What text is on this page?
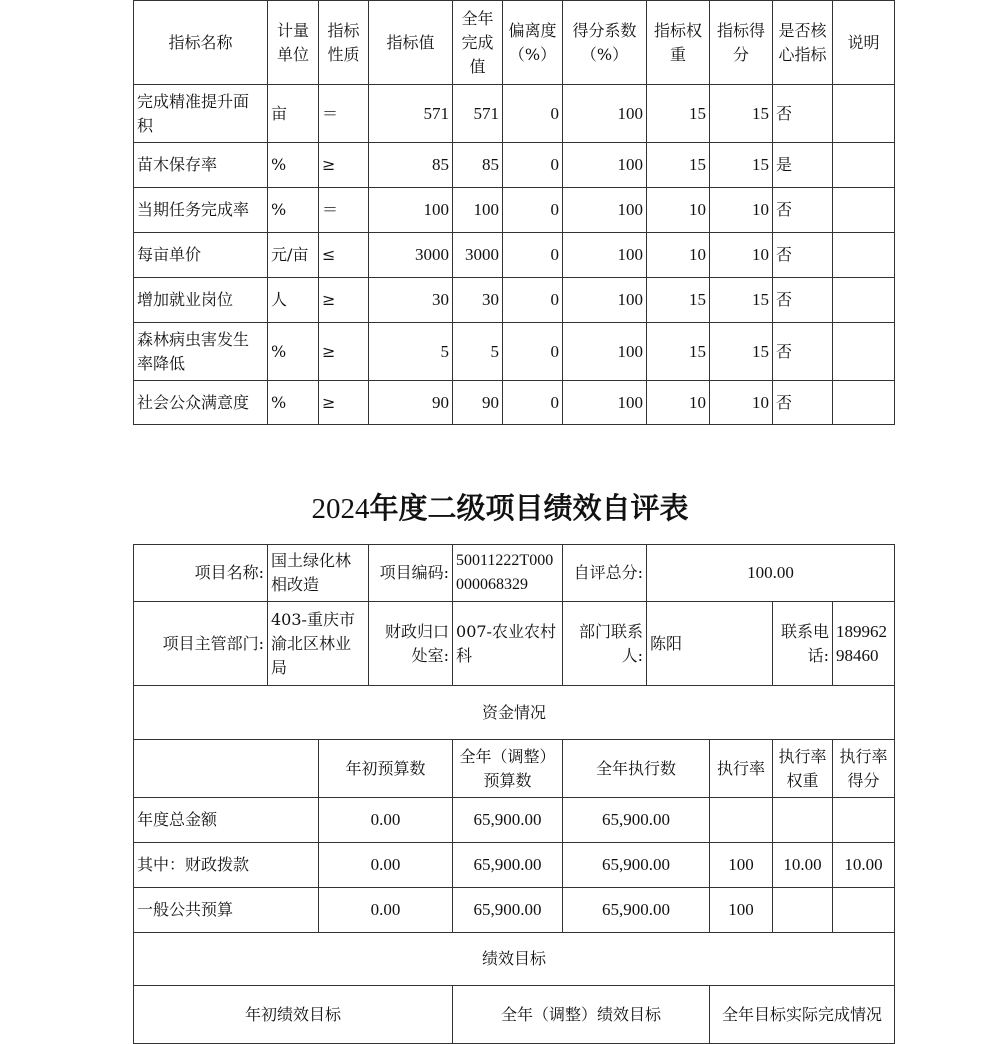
指标名称	计量单位	指标性质	指标值	全年完成值	偏离度（%）	得分系数（%）	指标权重	指标得分	是否核心指标	说明
完成精准提升面积	亩	＝	571	571	0	100	15	15	否	
苗木保存率	%	≥	85	85	0	100	15	15	是	
当期任务完成率	%	＝	100	100	0	100	10	10	否	
每亩单价	元/亩	≤	3000	3000	0	100	10	10	否	
增加就业岗位	人	≥	30	30	0	100	15	15	否	
森林病虫害发生率降低	%	≥	5	5	0	100	15	15	否	
社会公众满意度	%	≥	90	90	0	100	10	10	否	
2024年度二级项目绩效自评表
项目名称:	国土绿化林相改造		项目编码:	50011222T000000068329	自评总分:	100.00			
项目主管部门:	403-重庆市渝北区林业局		财政归口处室:	007-农业农村科	部门联系人:	陈阳		联系电话:	18996298460
资金情况									
		年初预算数		全年（调整）预算数	全年执行数		执行率	执行率权重	执行率得分
年度总金额		0.00		65,900.00	65,900.00				
其中：财政拨款		0.00		65,900.00	65,900.00		100	10.00	10.00
一般公共预算		0.00		65,900.00	65,900.00		100		
绩效目标									
年初绩效目标				全年（调整）绩效目标			全年目标实际完成情况		
